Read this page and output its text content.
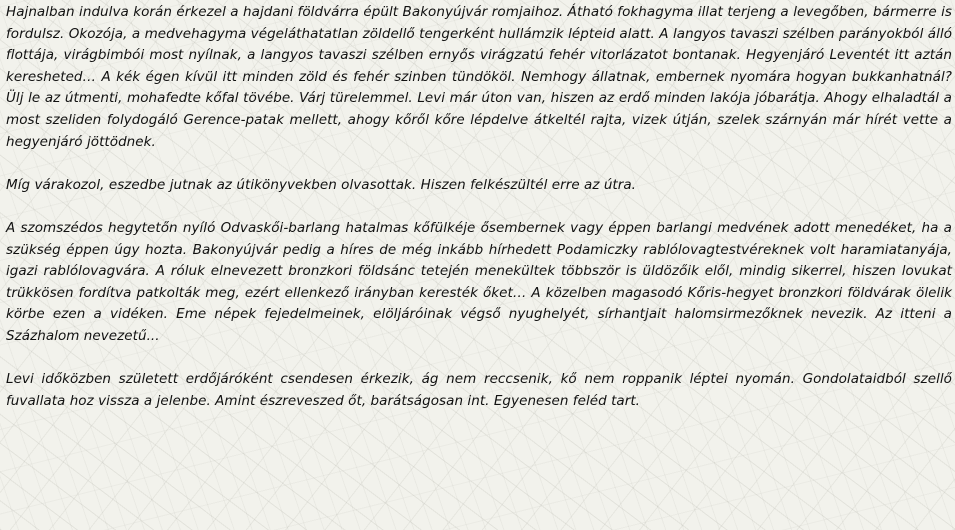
Hajnalban indulva korán érkezel a hajdani földvárra épült Bakonyújvár romjaihoz. Átható fokhagyma illat terjeng a levegőben, bármerre is fordulsz. Okozója, a medvehagyma végeláthatatlan zöldellő tengerként hullámzik lépteid alatt. A langyos tavaszi szélben parányokból álló flottája, virágbimbói most nyílnak, a langyos tavaszi szélben ernyős virágzatú fehér vitorlázatot bontanak. Hegyenjáró Leventét itt aztán keresheted… A kék égen kívül itt minden zöld és fehér szinben tündököl. Nemhogy állatnak, embernek nyomára hogyan bukkanhatnál? Ülj le az útmenti, mohafedte kőfal tövébe. Várj türelemmel. Levi már úton van, hiszen az erdő minden lakója jóbarátja. Ahogy elhaladtál a most szeliden folydogáló Gerence-patak mellett, ahogy kőről kőre lépdelve átkeltél rajta, vizek útján, szelek szárnyán már hírét vette a hegyenjáró jöttödnek.

Míg várakozol, eszedbe jutnak az útikönyvekben olvasottak. Hiszen felkészültél erre az útra.

A szomszédos hegytetőn nyíló Odvaskői-barlang hatalmas kőfülkéje ősembernek vagy éppen barlangi medvének adott menedéket, ha a szükség éppen úgy hozta. Bakonyújvár pedig a híres de még inkább hírhedett Podamiczky rablólovagtestvéreknek volt haramiatanyája, igazi rablólovagvára. A róluk elnevezett bronzkori földsánc tetején menekültek többször is üldözőik elől, mindig sikerrel, hiszen lovukat trükkösen fordítva patkolták meg, ezért ellenkező irányban keresték őket… A közelben magasodó Kőris-hegyet bronzkori földvárak ölelik körbe ezen a vidéken. Eme népek fejedelmeinek, elöljáróinak végső nyughelyét, sírhantjait halomsirmezőknek nevezik. Az itteni a Százhalom nevezetű...

Levi időközben született erdőjáróként csendesen érkezik, ág nem reccsenik, kő nem roppanik léptei nyomán. Gondolataidból szellő fuvallata hoz vissza a jelenbe. Amint észreveszed őt, barátságosan int. Egyenesen feléd tart.
